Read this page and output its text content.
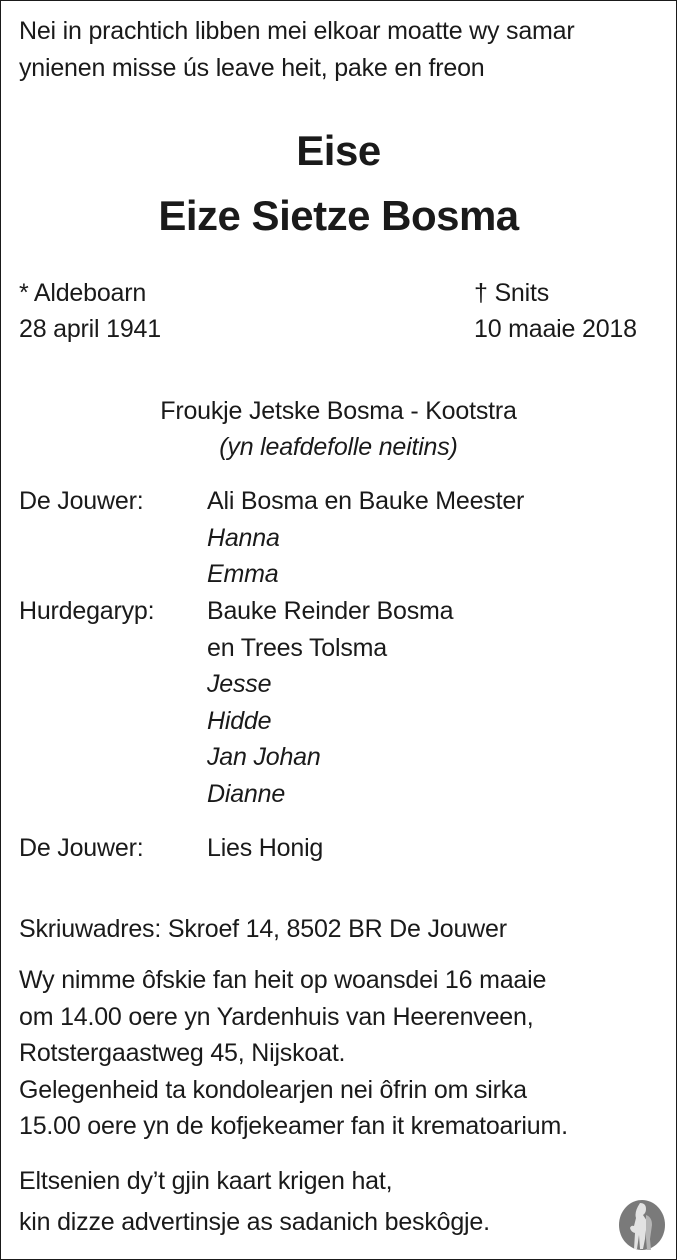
Nei in prachtich libben mei elkoar moatte wy samar
ynienen misse ús leave heit, pake en freon
Eise
Eize Sietze Bosma
* Aldeboarn
28 april 1941
† Snits
10 maaie 2018
Froukje Jetske Bosma - Kootstra
(yn leafdefolle neitins)
De Jouwer:	Ali Bosma en Bauke Meester
Hanna
Emma
Hurdegaryp: Bauke Reinder Bosma
en Trees Tolsma
Jesse
Hidde
Jan Johan
Dianne
De Jouwer:	Lies Honig
Skriuwadres: Skroef 14, 8502 BR De Jouwer
Wy nimme ôfskie fan heit op woansdei 16 maaie
om 14.00 oere yn Yardenhuis van Heerenveen,
Rotstergaastweg 45, Nijskoat.
Gelegenheid ta kondolearjen nei ôfrin om sirka
15.00 oere yn de kofjekeamer fan it krematoarium.
Eltsenien dy’t gjin kaart krigen hat,
kin dizze advertinsje as sadanich beskôgje.
